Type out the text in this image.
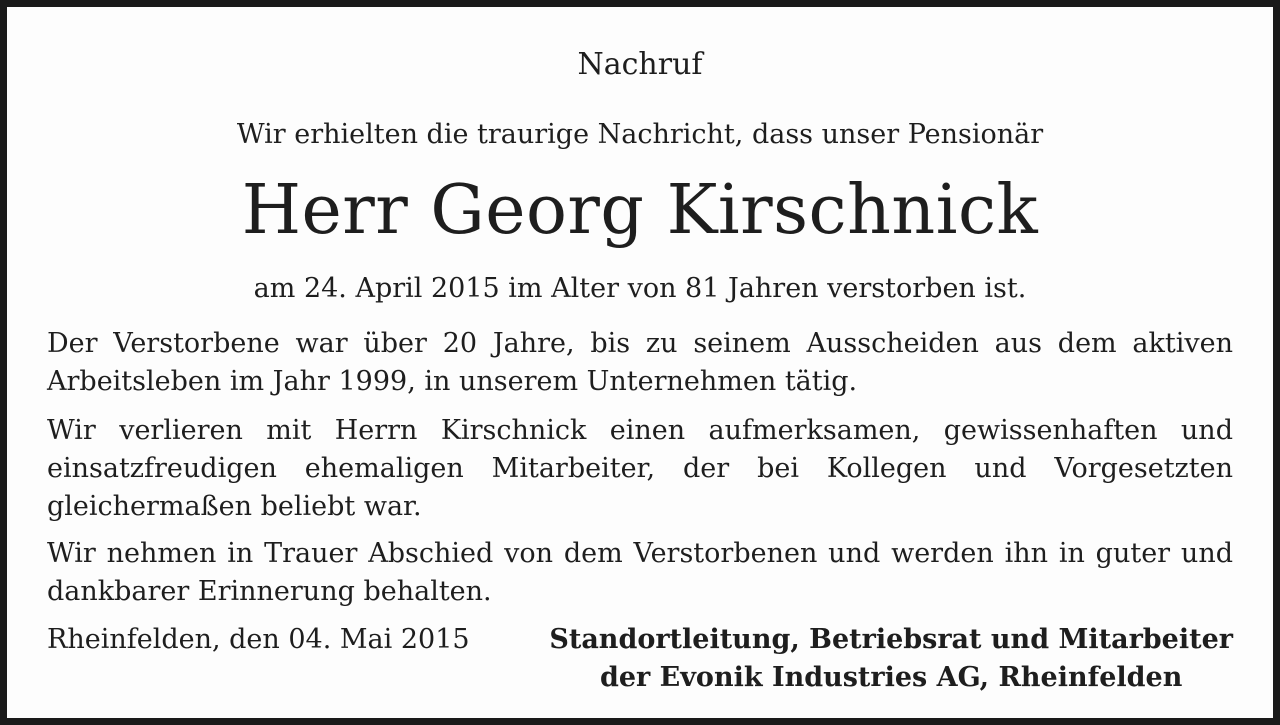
Nachruf
Wir erhielten die traurige Nachricht, dass unser Pensionär
Herr Georg Kirschnick
am 24. April 2015 im Alter von 81 Jahren verstorben ist.
Der Verstorbene war über 20 Jahre, bis zu seinem Ausscheiden aus dem aktiven Arbeitsleben im Jahr 1999, in unserem Unternehmen tätig.
Wir verlieren mit Herrn Kirschnick einen aufmerksamen, gewissenhaften und einsatzfreudigen ehemaligen Mitarbeiter, der bei Kollegen und Vorgesetzten gleichermaßen beliebt war.
Wir nehmen in Trauer Abschied von dem Verstorbenen und werden ihn in guter und dankbarer Erinnerung behalten.
Rheinfelden, den 04. Mai 2015	Standortleitung, Betriebsrat und Mitarbeiter
der Evonik Industries AG, Rheinfelden
